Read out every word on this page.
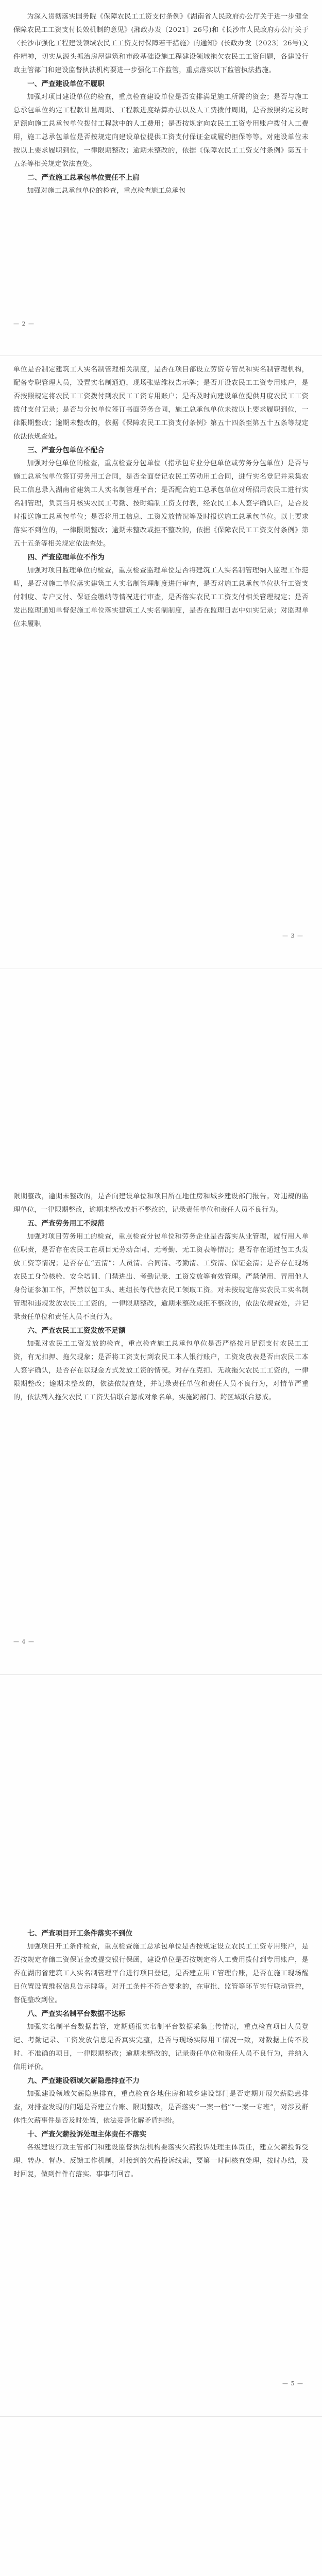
为深入贯彻落实国务院《保障农民工工资支付条例》《湖南省人民政府办公厅关于进一步健全保障农民工工资支付长效机制的意见》(湘政办发〔2021〕26号)和《长沙市人民政府办公厅关于〈长沙市强化工程建设领域农民工工资支付保障若干措施〉的通知》(长政办发〔2023〕26号)文件精神，切实从源头抓治房屋建筑和市政基础设施工程建设领域拖欠农民工工资问题，各建设行政主管部门和建设监督执法机构要进一步强化工作监管，重点落实以下监管执法措施。

一、严查建设单位不履职

加强对项目建设单位的检查，重点检查建设单位是否安排满足施工所需的资金；是否与施工总承包单位约定工程款计量周期、工程款进度结算办法以及人工费拨付周期，是否按照约定及时足额向施工总承包单位拨付工程款中的人工费用；是否按规定向农民工工资专用账户拨付人工费用，施工总承包单位是否按规定向建设单位提供工资支付保证金或履约担保等等。对建设单位未按以上要求履职到位，一律限期整改；逾期未整改的，依据《保障农民工工资支付条例》第五十五条等相关规定依法查处。

二、严查施工总承包单位责任不上肩

加强对施工总承包单位的检查，重点检查施工总承包

— 2 —

单位是否制定建筑工人实名制管理相关制度，是否在项目部设立劳资专管员和实名制管理机构，配备专职管理人员，设置实名制通道，现场张贴维权告示牌；是否开设农民工工资专用账户，是否按照规定将农民工工资拨付到农民工工资专用账户；是否及时向建设单位提供月度农民工工资拨付支付记录；是否与分包单位签订书面劳务合同，施工总承包单位未按以上要求履职到位，一律限期整改；逾期未整改的，依据《保障农民工工资支付条例》第五十四条至第五十五条等规定依法依规查处。

三、严查分包单位不配合

加强对分包单位的检查，重点检查分包单位（指承包专业分包单位或劳务分包单位）是否与施工总承包单位签订劳务用工合同，是否全面登记农民工劳动用工合同，进行实名登记并采集农民工信息录入湖南省建筑工人实名制管理平台；是否配合施工总承包单位对所招用农民工进行实名制管理，负责当月核实农民工考勤、按时编制工资支付表，经农民工本人签字确认后，是否及时报送施工总承包单位；是否将用工信息、工资发放情况等及时报送施工总承包单位。以上要求落实不到位的，一律限期整改；逾期未整改或拒不整改的，依据《保障农民工工资支付条例》第五十五条等相关规定依法查处。

四、严查监理单位不作为

加强对项目监理单位的检查，重点检查监理单位是否将建筑工人实名制管理纳入监理工作范畴，是否对施工单位落实建筑工人实名制管理制度进行审查，是否对施工总承包单位执行工资支付制度、专户支付、保证金缴纳等情况进行审查，是否落实农民工工资支付相关管理规定；是否发出监理通知单督促施工单位落实建筑工人实名制制度，是否在监理日志中如实记录；对监理单位未履职

— 3 —

限期整改，逾期未整改的，是否向建设单位和项目所在地住房和城乡建设部门报告。对违规的监理单位，一律限期整改，逾期未整改或拒不整改的，记录责任单位和责任人员不良行为。

五、严查劳务用工不规范

加强对项目劳务用工的检查，重点检查分包单位和劳务企业是否落实从业管理，履行用人单位职责，是否存在农民工在项目无劳动合同、无考勤、无工资表等情况；是否存在通过包工头发放工资等情况；是否存在“五清”：人员清、合同清、考勤清、工资清、保证金清；是否存在现场农民工身份核验、安全培训、门禁进出、考勤记录、工资发放等有效管理。严禁借用、冒用他人身份证参加工作，严禁以包工头、班组长等代替农民工领取工资。对未按规定落实农民工实名制管理和违规发放农民工工资的，一律限期整改，逾期未整改或拒不整改的，依法依规查处，并记录责任单位和责任人员不良行为。

六、严查农民工工资发放不足额

加强对农民工工资发放的检查，重点检查施工总承包单位是否严格按月足额支付农民工工资，有无扣押、拖欠现象；是否将工资支付到农民工本人银行账户，工资发放表是否由农民工本人签字确认，是否存在以现金方式发放工资的情况。对存在克扣、无故拖欠农民工工资的，一律限期整改；逾期未整改的，依法依规查处，并记录责任单位和责任人员不良行为，对情节严重的，依法列入拖欠农民工工资失信联合惩戒对象名单，实施跨部门、跨区域联合惩戒。

— 4 —

七、严查项目开工条件落实不到位

加强项目开工条件检查，重点检查施工总承包单位是否按规定设立农民工工资专用账户，是否按规定存储工资保证金或提交银行保函，建设单位是否按规定将人工费用拨付到专用账户，是否在湖南省建筑工人实名制管理平台进行项目登记，是否建立用工管理台账，是否在施工现场醒目位置设置维权信息告示牌等。对开工条件不符合要求的，在审批、监管等环节实行联动管控，督促整改到位。

八、严查实名制平台数据不达标

加强实名制平台数据监管，定期通报实名制平台数据采集上传情况，重点检查项目人员登记、考勤记录、工资发放信息是否真实完整，是否与现场实际用工情况一致，对数据上传不及时、不准确的项目，一律限期整改；逾期未整改的，记录责任单位和责任人员不良行为，并纳入信用评价。

九、严查建设领域欠薪隐患排查不力

加强建设领域欠薪隐患排查，重点检查各地住房和城乡建设部门是否定期开展欠薪隐患排查，对排查发现的问题是否建立台账、限期整改，是否落实“一案一档”“一案一专班”，对涉及群体性欠薪事件是否及时处置，依法妥善化解矛盾纠纷。

十、严查欠薪投诉处理主体责任不落实

各级建设行政主管部门和建设监督执法机构要落实欠薪投诉处理主体责任，建立欠薪投诉受理、转办、督办、反馈工作机制，对接到的欠薪投诉线索，要第一时间核查处理，按时办结，及时回复，做到件件有落实、事事有回音。

— 5 —
